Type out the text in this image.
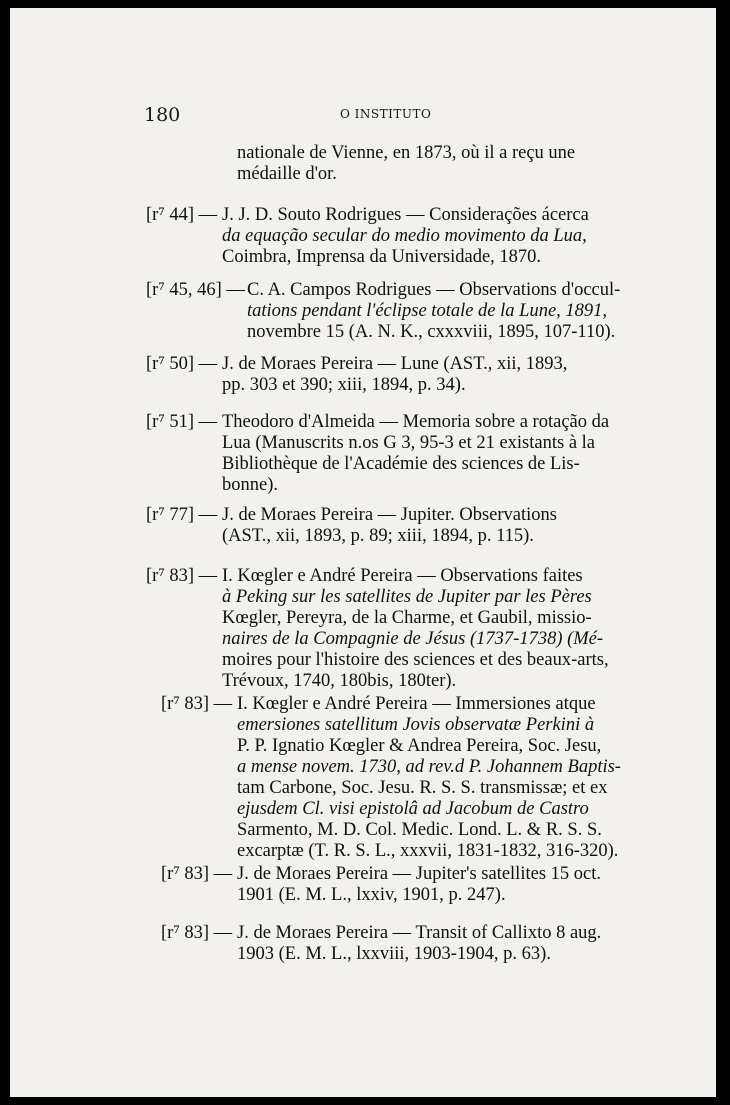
180	O INSTITUTO
nationale de Vienne, en 1873, où il a reçu une
médaille d'or.
[r⁷ 44] — J. J. D. Souto Rodrigues — Considerações ácerca
da equação secular do medio movimento da Lua,
Coimbra, Imprensa da Universidade, 1870.
[r⁷ 45, 46] — C. A. Campos Rodrigues — Observations d'occul-
tations pendant l'éclipse totale de la Lune, 1891,
novembre 15 (A. N. K., cxxxviii, 1895, 107-110).
[r⁷ 50] — J. de Moraes Pereira — Lune (AST., xii, 1893,
pp. 303 et 390; xiii, 1894, p. 34).
[r⁷ 51] — Theodoro d'Almeida — Memoria sobre a rotação da
Lua (Manuscrits n.os G 3, 95-3 et 21 existants à la
Bibliothèque de l'Académie des sciences de Lis-
bonne).
[r⁷ 77] — J. de Moraes Pereira — Jupiter. Observations
(AST., xii, 1893, p. 89; xiii, 1894, p. 115).
[r⁷ 83] — I. Kœgler e André Pereira — Observations faites
à Peking sur les satellites de Jupiter par les Pères
Kœgler, Pereyra, de la Charme, et Gaubil, missio-
naires de la Compagnie de Jésus (1737-1738) (Mé-
moires pour l'histoire des sciences et des beaux-arts,
Trévoux, 1740, 180bis, 180ter).
[r⁷ 83] — I. Kœgler e André Pereira — Immersiones atque
emersiones satellitum Jovis observatæ Perkini à
P. P. Ignatio Kœgler & Andrea Pereira, Soc. Jesu,
a mense novem. 1730, ad rev.d P. Johannem Baptis-
tam Carbone, Soc. Jesu. R. S. S. transmissæ; et ex
ejusdem Cl. visi epistolâ ad Jacobum de Castro
Sarmento, M. D. Col. Medic. Lond. L. & R. S. S.
excarptæ (T. R. S. L., xxxvii, 1831-1832, 316-320).
[r⁷ 83] — J. de Moraes Pereira — Jupiter's satellites 15 oct.
1901 (E. M. L., lxxiv, 1901, p. 247).
[r⁷ 83] — J. de Moraes Pereira — Transit of Callixto 8 aug.
1903 (E. M. L., lxxviii, 1903-1904, p. 63).
